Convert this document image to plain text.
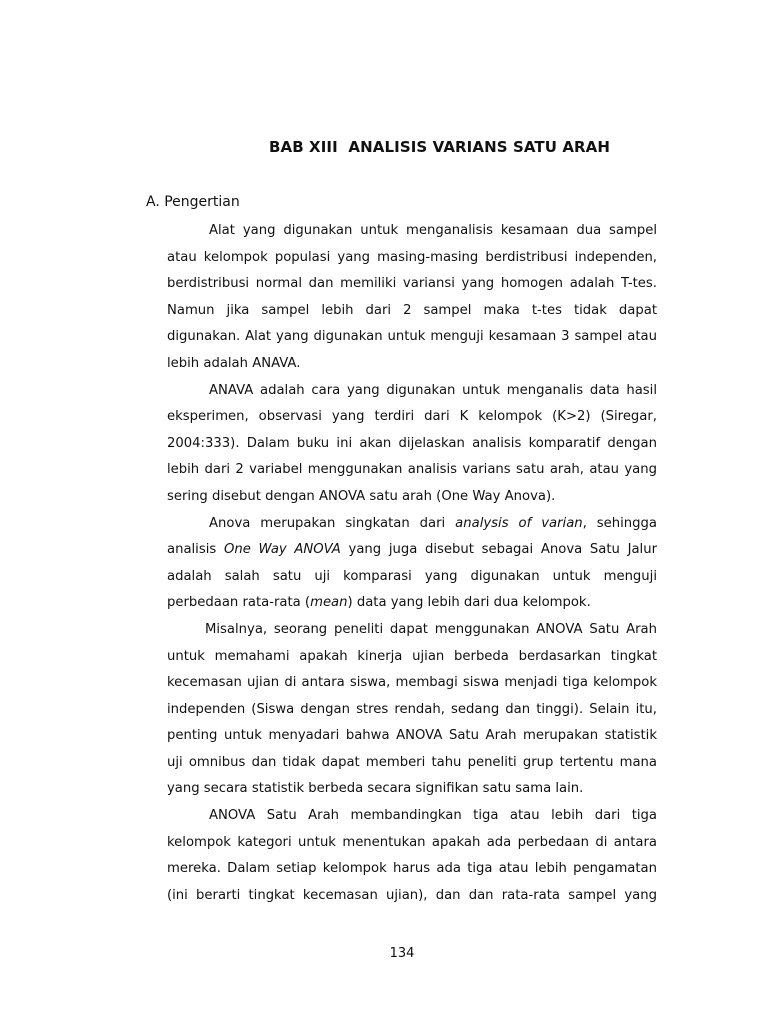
BAB XIII  ANALISIS VARIANS SATU ARAH
A. Pengertian

Alat yang digunakan untuk menganalisis kesamaan dua sampel
atau kelompok populasi yang masing-masing berdistribusi independen,
berdistribusi normal dan memiliki variansi yang homogen adalah T-tes.
Namun jika sampel lebih dari 2 sampel maka t-tes tidak dapat
digunakan. Alat yang digunakan untuk menguji kesamaan 3 sampel atau
lebih adalah ANAVA.

ANAVA adalah cara yang digunakan untuk menganalis data hasil
eksperimen, observasi yang terdiri dari K kelompok (K>2) (Siregar,
2004:333). Dalam buku ini akan dijelaskan analisis komparatif dengan
lebih dari 2 variabel menggunakan analisis varians satu arah, atau yang
sering disebut dengan ANOVA satu arah (One Way Anova).

Anova merupakan singkatan dari analysis of varian, sehingga
analisis One Way ANOVA yang juga disebut sebagai Anova Satu Jalur
adalah salah satu uji komparasi yang digunakan untuk menguji
perbedaan rata-rata (mean) data yang lebih dari dua kelompok.

Misalnya, seorang peneliti dapat menggunakan ANOVA Satu Arah
untuk memahami apakah kinerja ujian berbeda berdasarkan tingkat
kecemasan ujian di antara siswa, membagi siswa menjadi tiga kelompok
independen (Siswa dengan stres rendah, sedang dan tinggi). Selain itu,
penting untuk menyadari bahwa ANOVA Satu Arah merupakan statistik
uji omnibus dan tidak dapat memberi tahu peneliti grup tertentu mana
yang secara statistik berbeda secara signifikan satu sama lain.

ANOVA Satu Arah membandingkan tiga atau lebih dari tiga
kelompok kategori untuk menentukan apakah ada perbedaan di antara
mereka. Dalam setiap kelompok harus ada tiga atau lebih pengamatan
(ini berarti tingkat kecemasan ujian), dan dan rata-rata sampel yang

134
